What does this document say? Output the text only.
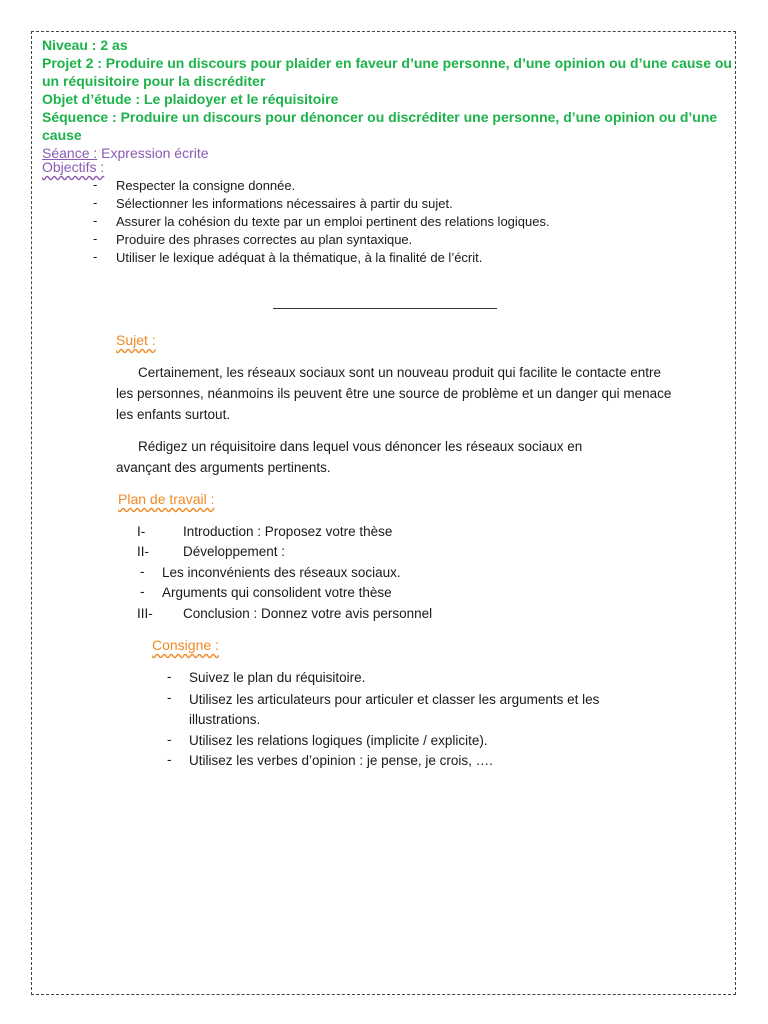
Niveau : 2 as
Projet 2 : Produire un discours pour plaider en faveur d’une personne, d’une opinion ou d’une cause ou un réquisitoire pour la discréditer
Objet d’étude : Le plaidoyer et le réquisitoire
Séquence : Produire un discours pour dénoncer ou discréditer une personne, d’une opinion ou d’une cause
Séance : Expression écrite
Objectifs :
- Respecter la consigne donnée.
- Sélectionner les informations nécessaires à partir du sujet.
- Assurer la cohésion du texte par un emploi pertinent des relations logiques.
- Produire des phrases correctes au plan syntaxique.
- Utiliser le lexique adéquat à la thématique, à la finalité de l’écrit.
Sujet :
Certainement, les réseaux sociaux sont un nouveau produit qui facilite le contacte entre les personnes, néanmoins ils peuvent être une source de problème et un danger qui menace les enfants surtout.
Rédigez un réquisitoire dans lequel vous dénoncer les réseaux sociaux en avançant des arguments pertinents.
Plan de travail :
I-	Introduction : Proposez votre thèse
II-	Développement :
- Les inconvénients des réseaux sociaux.
- Arguments qui consolident votre thèse
III- Conclusion : Donnez votre avis personnel
Consigne :
- Suivez le plan du réquisitoire.
- Utilisez les articulateurs pour articuler et classer les arguments et les illustrations.
- Utilisez les relations logiques (implicite / explicite).
- Utilisez les verbes d’opinion : je pense, je crois, ….
